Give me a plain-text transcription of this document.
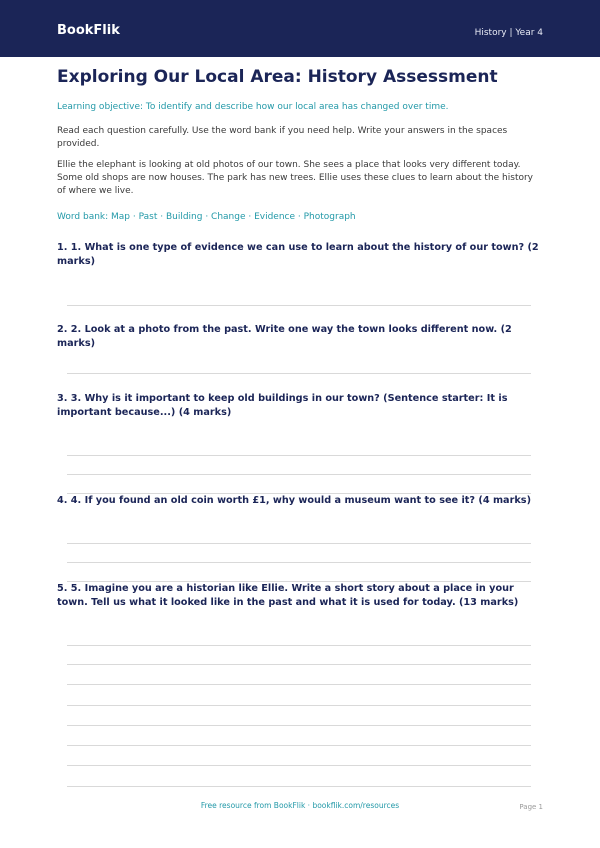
BookFlik	History | Year 4
Exploring Our Local Area: History Assessment

Learning objective: To identify and describe how our local area has changed over time.

Read each question carefully. Use the word bank if you need help. Write your answers in the spaces provided.

Ellie the elephant is looking at old photos of our town. She sees a place that looks very different today. Some old shops are now houses. The park has new trees. Ellie uses these clues to learn about the history of where we live.

Word bank: Map · Past · Building · Change · Evidence · Photograph

1. 1. What is one type of evidence we can use to learn about the history of our town? (2 marks)

2. 2. Look at a photo from the past. Write one way the town looks different now. (2 marks)

3. 3. Why is it important to keep old buildings in our town? (Sentence starter: It is important because...) (4 marks)

4. 4. If you found an old coin worth £1, why would a museum want to see it? (4 marks)

5. 5. Imagine you are a historian like Ellie. Write a short story about a place in your town. Tell us what it looked like in the past and what it is used for today. (13 marks)

Free resource from BookFlik · bookflik.com/resources	Page 1
